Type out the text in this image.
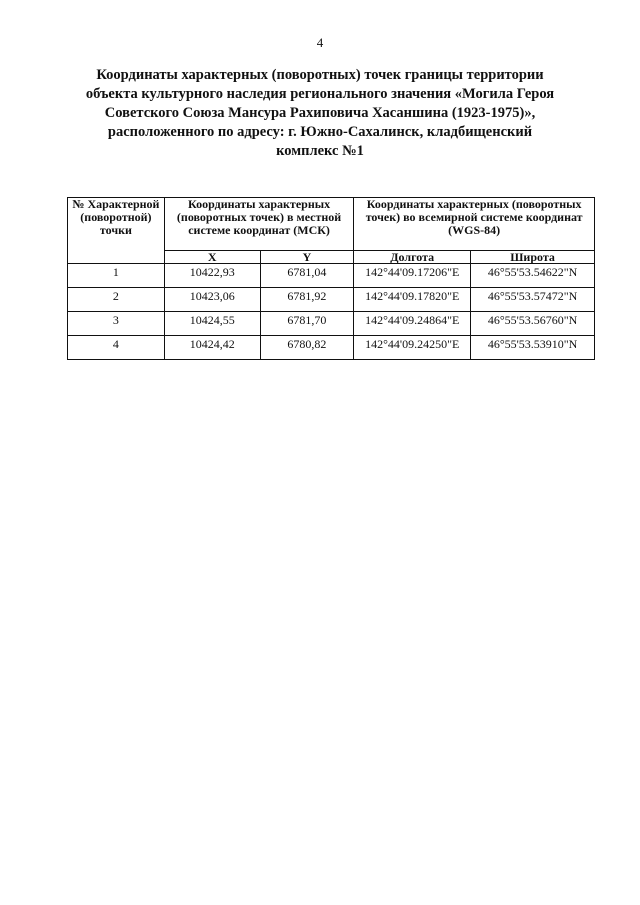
4
Координаты характерных (поворотных) точек границы территории
объекта культурного наследия регионального значения «Могила Героя
Советского Союза Мансура Рахиповича Хасаншина (1923-1975)»,
расположенного по адресу: г. Южно-Сахалинск, кладбищенский
комплекс №1
№ Характерной (поворотной) точки	Координаты характерных (поворотных точек) в местной системе координат (МСК)		Координаты характерных (поворотных точек) во всемирной системе координат (WGS-84)	
	X	Y	Долгота	Широта
1	10422,93	6781,04	142°44'09.17206"E	46°55'53.54622"N
2	10423,06	6781,92	142°44'09.17820"E	46°55'53.57472"N
3	10424,55	6781,70	142°44'09.24864"E	46°55'53.56760"N
4	10424,42	6780,82	142°44'09.24250"E	46°55'53.53910"N
